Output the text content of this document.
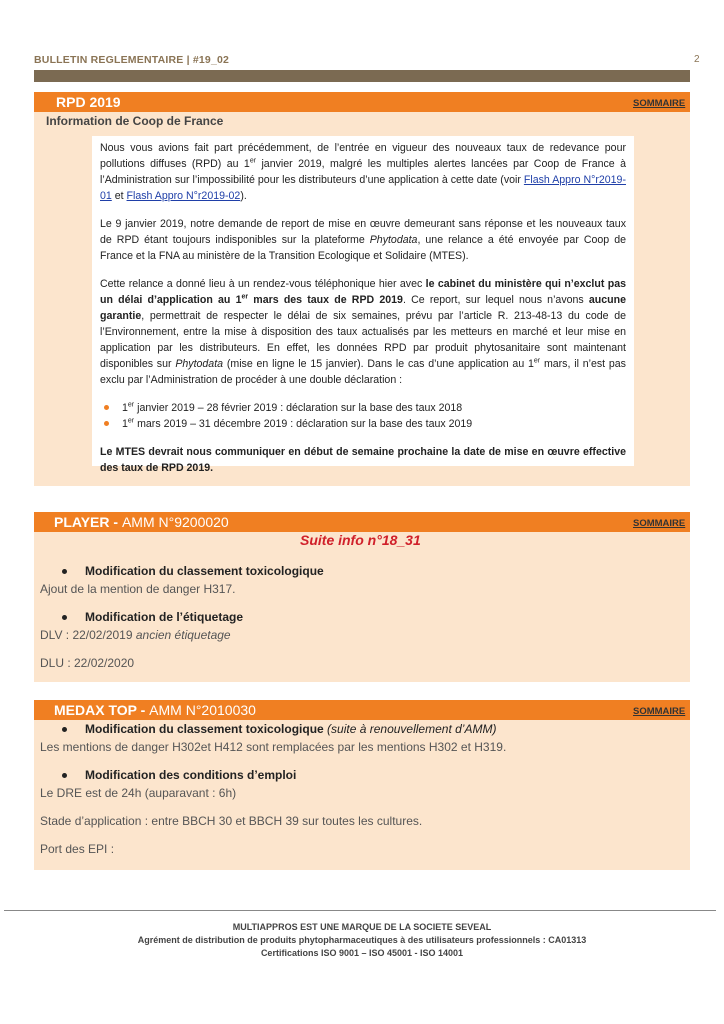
BULLETIN REGLEMENTAIRE | #19_02	2
RPD 2019	SOMMAIRE
Information de Coop de France

Nous vous avions fait part précédemment, de l’entrée en vigueur des nouveaux taux de redevance pour pollutions diffuses (RPD) au 1er janvier 2019, malgré les multiples alertes lancées par Coop de France à l’Administration sur l’impossibilité pour les distributeurs d’une application à cette date (voir Flash Appro N°r2019-01 et Flash Appro N°r2019-02).

Le 9 janvier 2019, notre demande de report de mise en œuvre demeurant sans réponse et les nouveaux taux de RPD étant toujours indisponibles sur la plateforme Phytodata, une relance a été envoyée par Coop de France et la FNA au ministère de la Transition Ecologique et Solidaire (MTES).

Cette relance a donné lieu à un rendez-vous téléphonique hier avec le cabinet du ministère qui n’exclut pas un délai d’application au 1er mars des taux de RPD 2019. Ce report, sur lequel nous n’avons aucune garantie, permettrait de respecter le délai de six semaines, prévu par l’article R. 213-48-13 du code de l’Environnement, entre la mise à disposition des taux actualisés par les metteurs en marché et leur mise en application par les distributeurs. En effet, les données RPD par produit phytosanitaire sont maintenant disponibles sur Phytodata (mise en ligne le 15 janvier). Dans le cas d’une application au 1er mars, il n’est pas exclu par l’Administration de procéder à une double déclaration :

1er janvier 2019 – 28 février 2019 : déclaration sur la base des taux 2018
1er mars 2019 – 31 décembre 2019 : déclaration sur la base des taux 2019

Le MTES devrait nous communiquer en début de semaine prochaine la date de mise en œuvre effective des taux de RPD 2019.

PLAYER - AMM N°9200020	SOMMAIRE
Suite info n°18_31
Modification du classement toxicologique
Ajout de la mention de danger H317.
Modification de l’étiquetage
DLV : 22/02/2019 ancien étiquetage
DLU : 22/02/2020
MEDAX TOP - AMM N°2010030	SOMMAIRE
Modification du classement toxicologique (suite à renouvellement d’AMM)
Les mentions de danger H302et H412 sont remplacées par les mentions H302 et H319.
Modification des conditions d’emploi
Le DRE est de 24h (auparavant : 6h)
Stade d’application : entre BBCH 30 et BBCH 39 sur toutes les cultures.
Port des EPI :
MULTIAPPROS EST UNE MARQUE DE LA SOCIETE SEVEAL
Agrément de distribution de produits phytopharmaceutiques à des utilisateurs professionnels : CA01313
Certifications ISO 9001 – ISO 45001 - ISO 14001
